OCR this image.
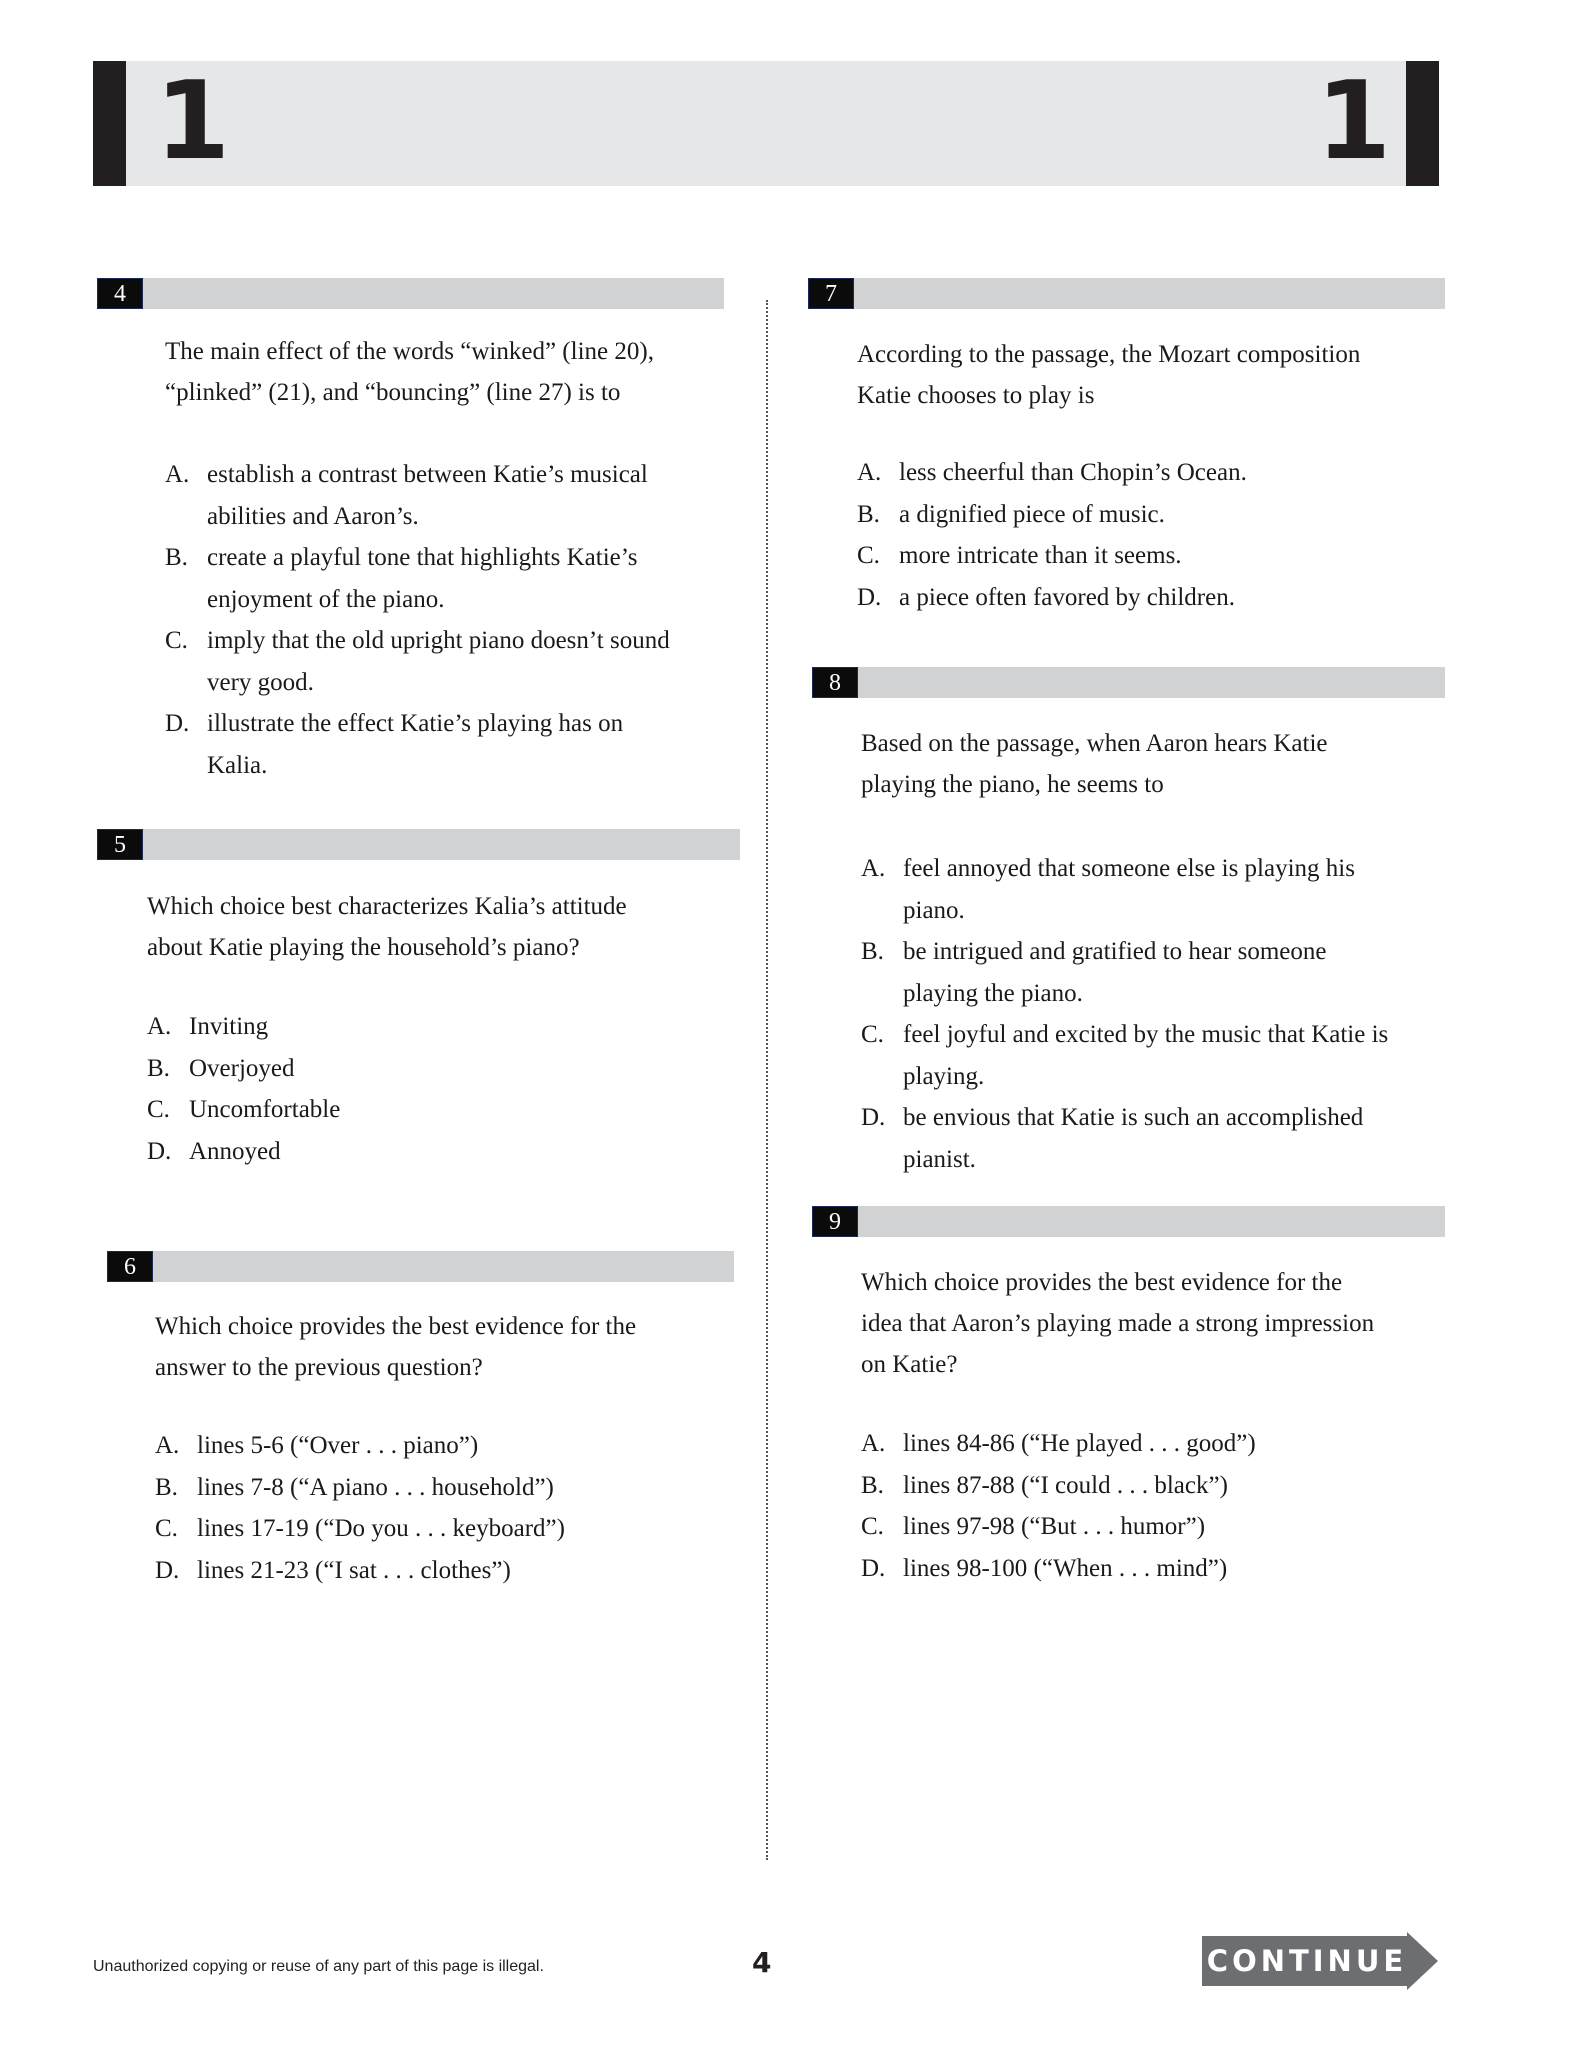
1	1
4
The main effect of the words “winked” (line 20),
“plinked” (21), and “bouncing” (line 27) is to
A. establish a contrast between Katie’s musical
abilities and Aaron’s.
B. create a playful tone that highlights Katie’s
enjoyment of the piano.
C. imply that the old upright piano doesn’t sound
very good.
D. illustrate the effect Katie’s playing has on
Kalia.
5
Which choice best characterizes Kalia’s attitude
about Katie playing the household’s piano?
A. Inviting
B. Overjoyed
C. Uncomfortable
D. Annoyed
6
Which choice provides the best evidence for the
answer to the previous question?
A. lines 5-6 (“Over . . . piano”)
B. lines 7-8 (“A piano . . . household”)
C. lines 17-19 (“Do you . . . keyboard”)
D. lines 21-23 (“I sat . . . clothes”)
7
According to the passage, the Mozart composition
Katie chooses to play is
A. less cheerful than Chopin’s Ocean.
B. a dignified piece of music.
C. more intricate than it seems.
D. a piece often favored by children.
8
Based on the passage, when Aaron hears Katie
playing the piano, he seems to
A. feel annoyed that someone else is playing his
piano.
B. be intrigued and gratified to hear someone
playing the piano.
C. feel joyful and excited by the music that Katie is
playing.
D. be envious that Katie is such an accomplished
pianist.
9
Which choice provides the best evidence for the
idea that Aaron’s playing made a strong impression
on Katie?
A. lines 84-86 (“He played . . . good”)
B. lines 87-88 (“I could . . . black”)
C. lines 97-98 (“But . . . humor”)
D. lines 98-100 (“When . . . mind”)
Unauthorized copying or reuse of any part of this page is illegal.	4	CONTINUE
